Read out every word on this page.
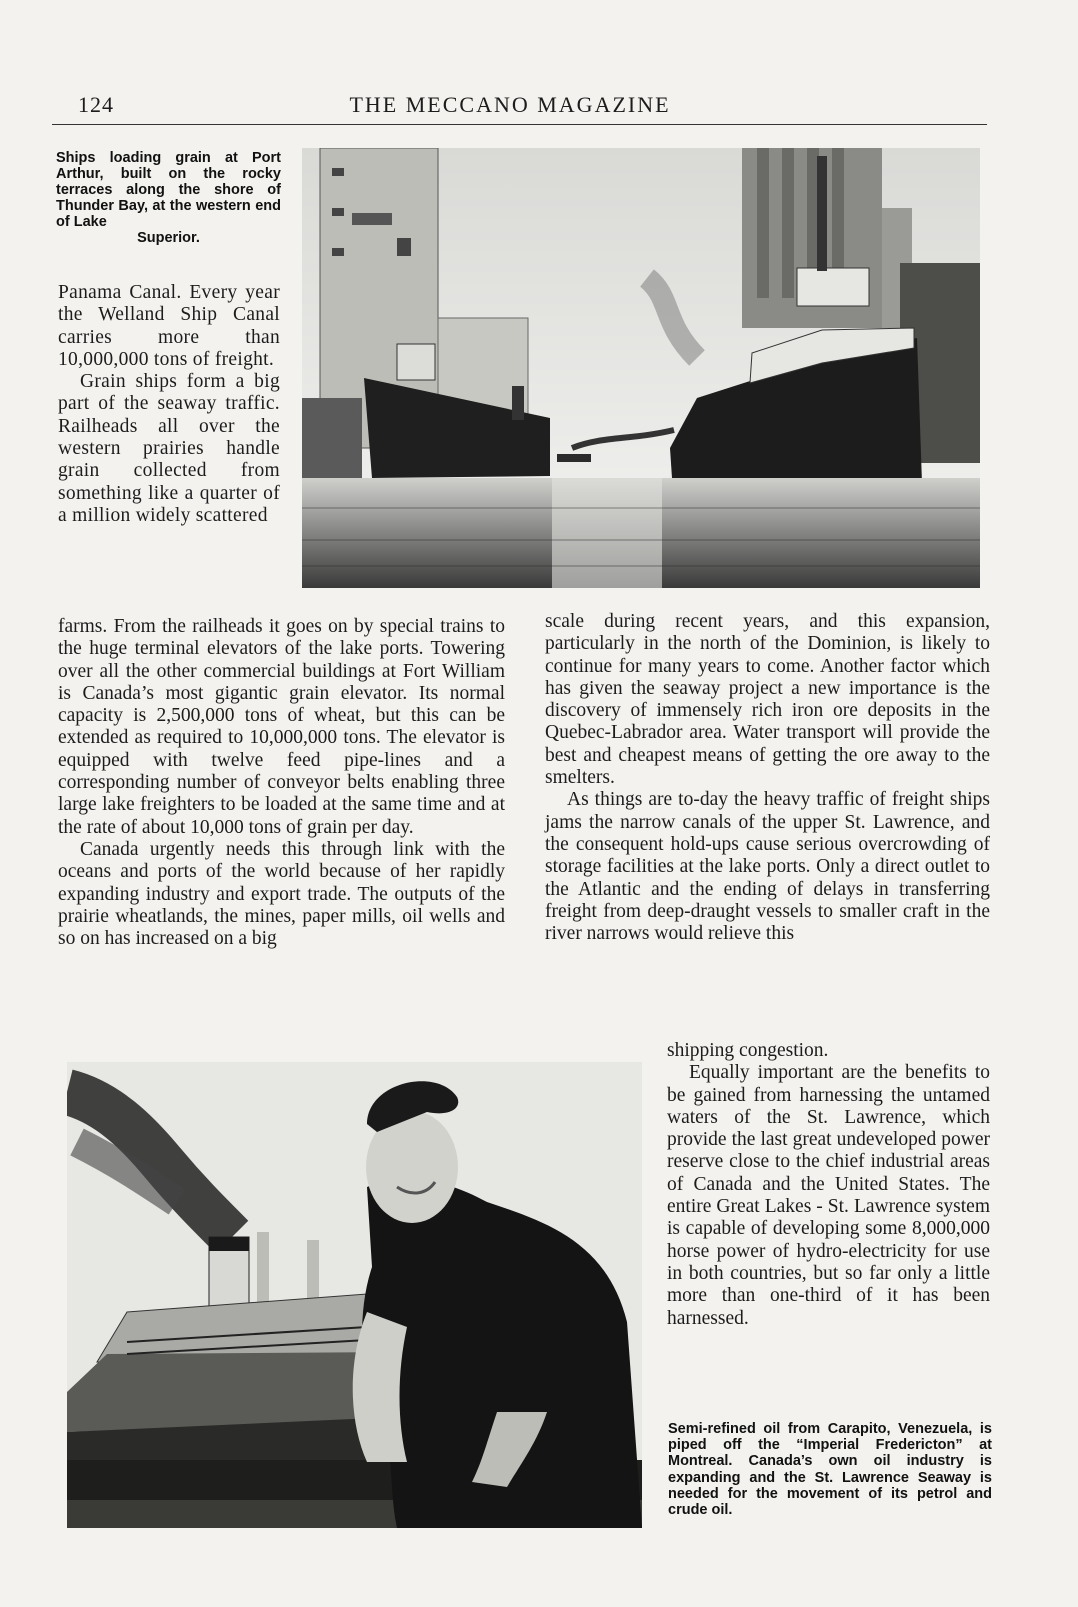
124	THE MECCANO MAGAZINE
Ships loading grain at Port Arthur, built on the rocky terraces along the shore of Thunder Bay, at the western end of Lake
Superior.

Panama Canal. Every year the Welland Ship Canal carries more than 10,000,000 tons of freight.

Grain ships form a big part of the seaway traffic. Railheads all over the western prairies handle grain collected from something like a quarter of a million widely scattered

farms. From the railheads it goes on by special trains to the huge terminal elevators of the lake ports. Towering over all the other commercial buildings at Fort William is Canada’s most gigantic grain elevator. Its normal capacity is 2,500,000 tons of wheat, but this can be extended as required to 10,000,000 tons. The elevator is equipped with twelve feed pipe-lines and a corresponding number of conveyor belts enabling three large lake freighters to be loaded at the same time and at the rate of about 10,000 tons of grain per day.

Canada urgently needs this through link with the oceans and ports of the world because of her rapidly expanding industry and export trade. The outputs of the prairie wheatlands, the mines, paper mills, oil wells and so on has increased on a big

scale during recent years, and this expansion, particularly in the north of the Dominion, is likely to continue for many years to come. Another factor which has given the seaway project a new importance is the discovery of immensely rich iron ore deposits in the Quebec-Labrador area. Water transport will provide the best and cheapest means of getting the ore away to the smelters.

As things are to-day the heavy traffic of freight ships jams the narrow canals of the upper St. Lawrence, and the consequent hold-ups cause serious overcrowding of storage facilities at the lake ports. Only a direct outlet to the Atlantic and the ending of delays in transferring freight from deep-draught vessels to smaller craft in the river narrows would relieve this

shipping congestion.

Equally important are the benefits to be gained from harnessing the untamed waters of the St. Lawrence, which provide the last great undeveloped power reserve close to the chief industrial areas of Canada and the United States. The entire Great Lakes - St. Lawrence system is capable of developing some 8,000,000 horse power of hydro-electricity for use in both countries, but so far only a little more than one-third of it has been harnessed.

Semi-refined oil from Carapito, Venezuela, is piped off the “Imperial Fredericton” at Montreal. Canada’s own oil industry is expanding and the St. Lawrence Seaway is needed for the movement of its petrol and crude oil.
